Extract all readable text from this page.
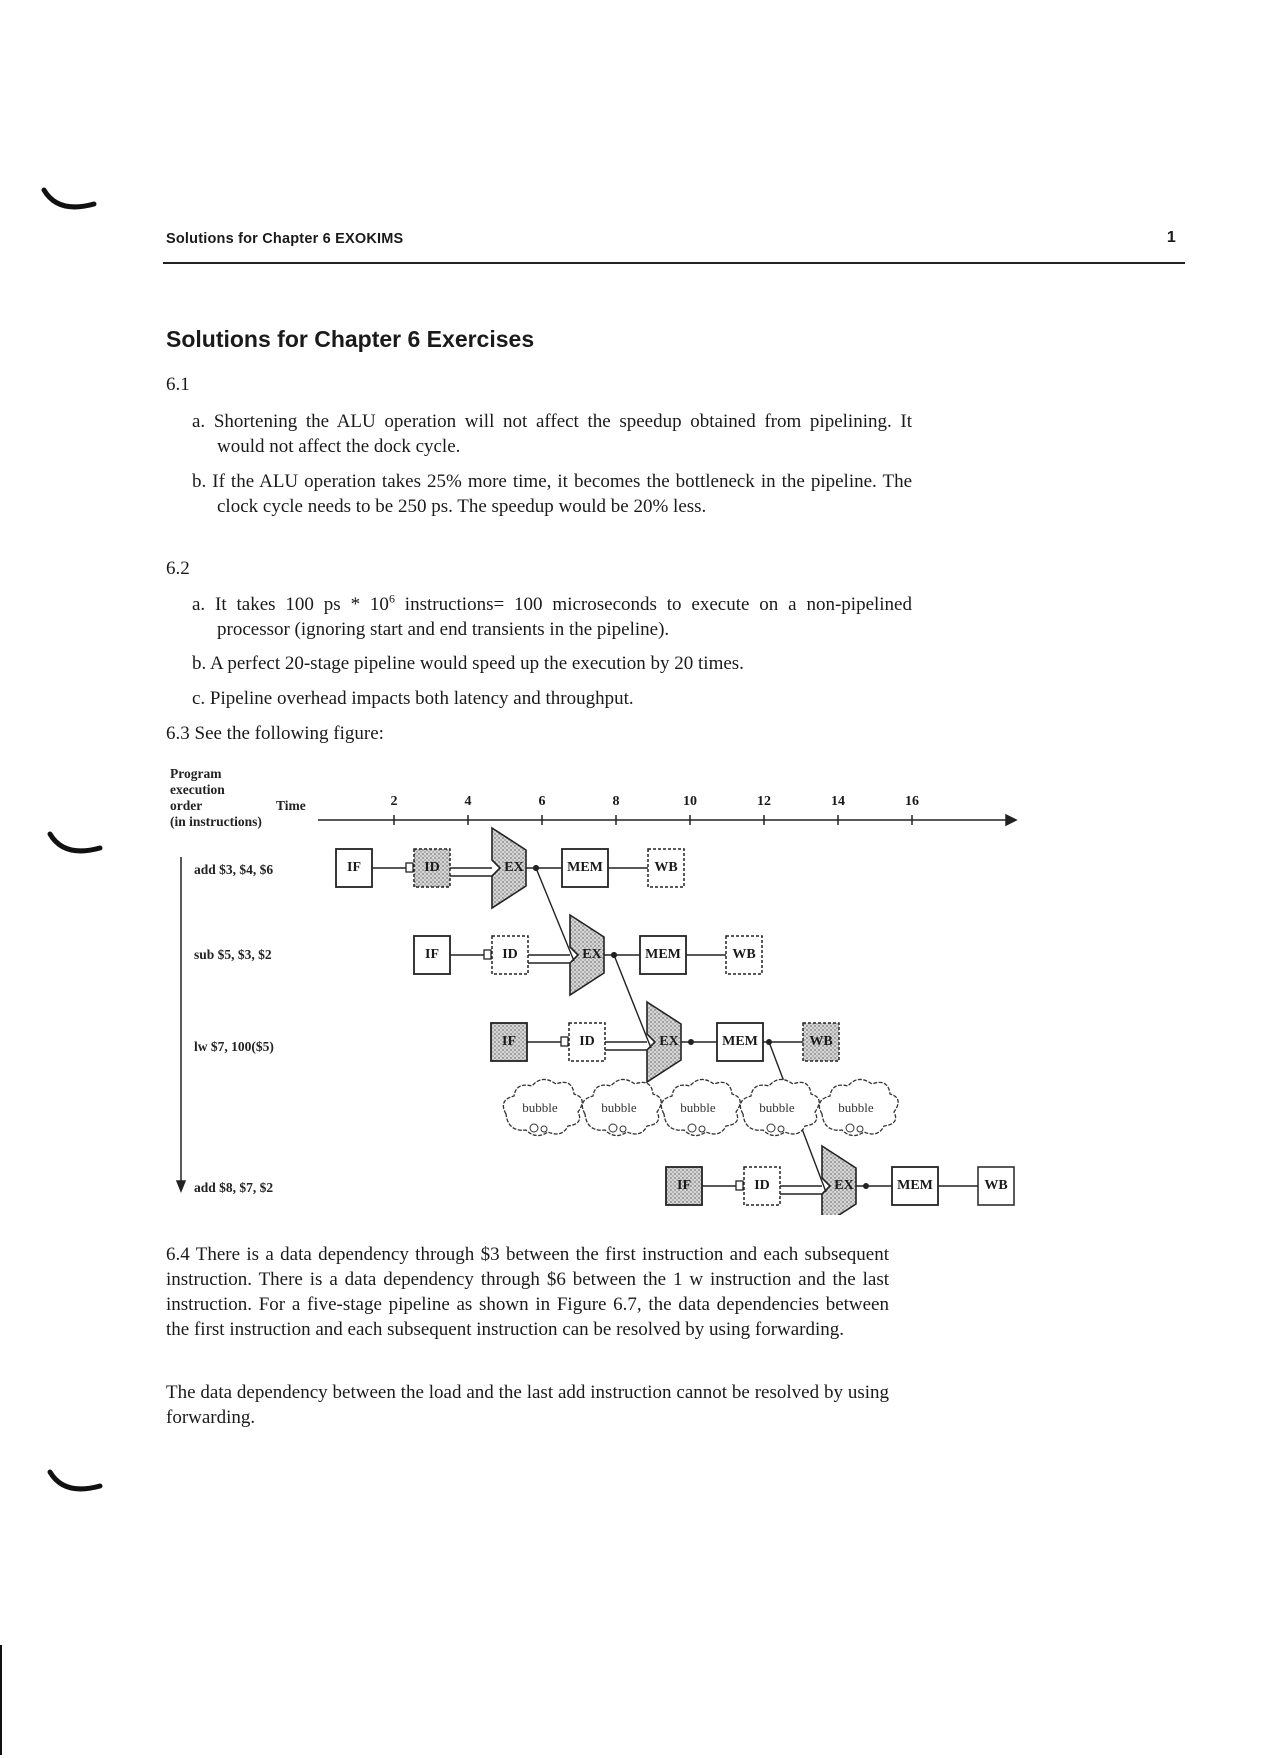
Solutions for Chapter 6 EXOKIMS	1
Solutions for Chapter 6 Exercises
6.1
a. Shortening the ALU operation will not affect the speedup obtained from pipelining. It would not affect the dock cycle.
b. If the ALU operation takes 25% more time, it becomes the bottleneck in the pipeline. The clock cycle needs to be 250 ps. The speedup would be 20% less.
6.2
a. It takes 100 ps * $10^6$ instructions= 100 microseconds to execute on a non-pipelined processor (ignoring start and end transients in the pipeline).
b. A perfect 20-stage pipeline would speed up the execution by 20 times.
c. Pipeline overhead impacts both latency and throughput.
6.3 See the following figure:
Program
execution
order
(in instructions)
Time	2	4	6	8	10	12	14	16
add $3, $4, $6
sub $5, $3, $2
lw $7, 100($5)
add $8, $7, $2
IF	ID	EX	MEM	WB
IF	ID	EX	MEM	WB
IF	ID	EX	MEM	WB
IF	ID	EX	MEM	WB
bubble	bubble	bubble	bubble	bubble
6.4 There is a data dependency through $3 between the first instruction and each subsequent instruction. There is a data dependency through $6 between the 1 w instruction and the last instruction. For a five-stage pipeline as shown in Figure 6.7, the data dependencies between the first instruction and each subsequent instruction can be resolved by using forwarding.
The data dependency between the load and the last add instruction cannot be resolved by using forwarding.
